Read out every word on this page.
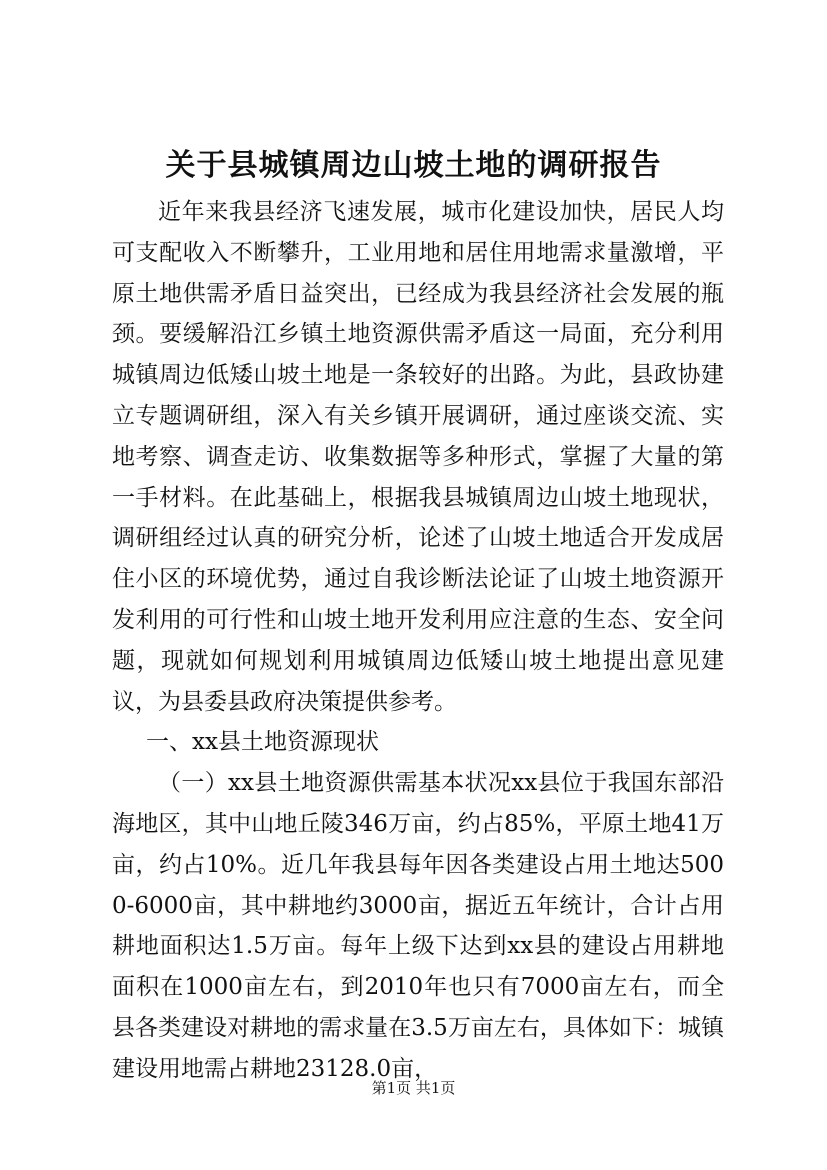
关于县城镇周边山坡土地的调研报告

近年来我县经济飞速发展，城市化建设加快，居民人均可支配收入不断攀升，工业用地和居住用地需求量激增，平原土地供需矛盾日益突出，已经成为我县经济社会发展的瓶颈。要缓解沿江乡镇土地资源供需矛盾这一局面，充分利用城镇周边低矮山坡土地是一条较好的出路。为此，县政协建立专题调研组，深入有关乡镇开展调研，通过座谈交流、实地考察、调查走访、收集数据等多种形式，掌握了大量的第一手材料。在此基础上，根据我县城镇周边山坡土地现状，调研组经过认真的研究分析，论述了山坡土地适合开发成居住小区的环境优势，通过自我诊断法论证了山坡土地资源开发利用的可行性和山坡土地开发利用应注意的生态、安全问题，现就如何规划利用城镇周边低矮山坡土地提出意见建议，为县委县政府决策提供参考。

一、xx县土地资源现状

（一）xx县土地资源供需基本状况xx县位于我国东部沿海地区，其中山地丘陵346万亩，约占85%，平原土地41万亩，约占10%。近几年我县每年因各类建设占用土地达5000-6000亩，其中耕地约3000亩，据近五年统计，合计占用耕地面积达1.5万亩。每年上级下达到xx县的建设占用耕地面积在1000亩左右，到2010年也只有7000亩左右，而全县各类建设对耕地的需求量在3.5万亩左右，具体如下：城镇建设用地需占耕地23128.0亩，

第1页 共1页
